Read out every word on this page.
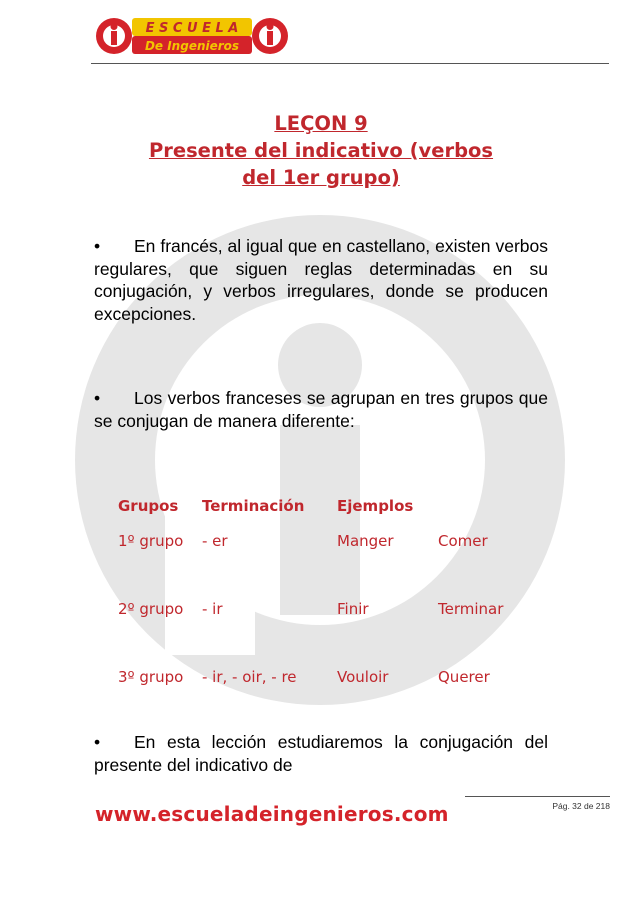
E S C U E L A
De Ingenieros
LEÇON 9
Presente del indicativo (verbos
del 1er grupo)

• En francés, al igual que en castellano, existen verbos regulares, que siguen reglas determinadas en su conjugación, y verbos irregulares, donde se producen excepciones.

• Los verbos franceses se agrupan en tres grupos que se conjugan de manera diferente:

Grupos	Terminación	Ejemplos	
1º grupo	- er	Manger	Comer
2º grupo	- ir	Finir	Terminar
3º grupo	- ir, - oir, - re	Vouloir	Querer

• En esta lección estudiaremos la conjugación del presente del indicativo de

Pág. 32 de 218
www.escueladeingenieros.com
